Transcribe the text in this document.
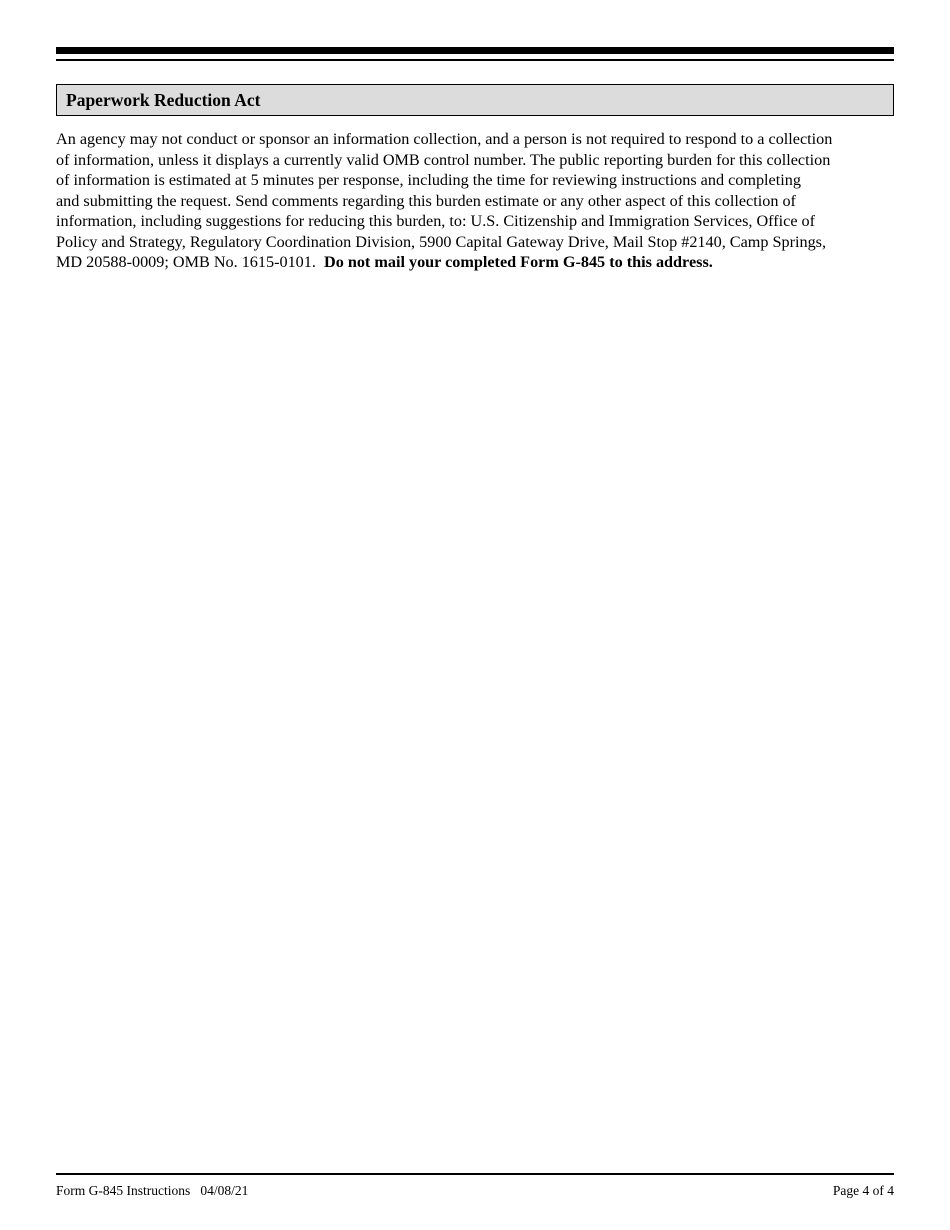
Paperwork Reduction Act

An agency may not conduct or sponsor an information collection, and a person is not required to respond to a collection
of information, unless it displays a currently valid OMB control number. The public reporting burden for this collection
of information is estimated at 5 minutes per response, including the time for reviewing instructions and completing
and submitting the request. Send comments regarding this burden estimate or any other aspect of this collection of
information, including suggestions for reducing this burden, to: U.S. Citizenship and Immigration Services, Office of
Policy and Strategy, Regulatory Coordination Division, 5900 Capital Gateway Drive, Mail Stop #2140, Camp Springs,
MD 20588-0009; OMB No. 1615-0101. Do not mail your completed Form G-845 to this address.

Form G-845 Instructions 04/08/21	Page 4 of 4
